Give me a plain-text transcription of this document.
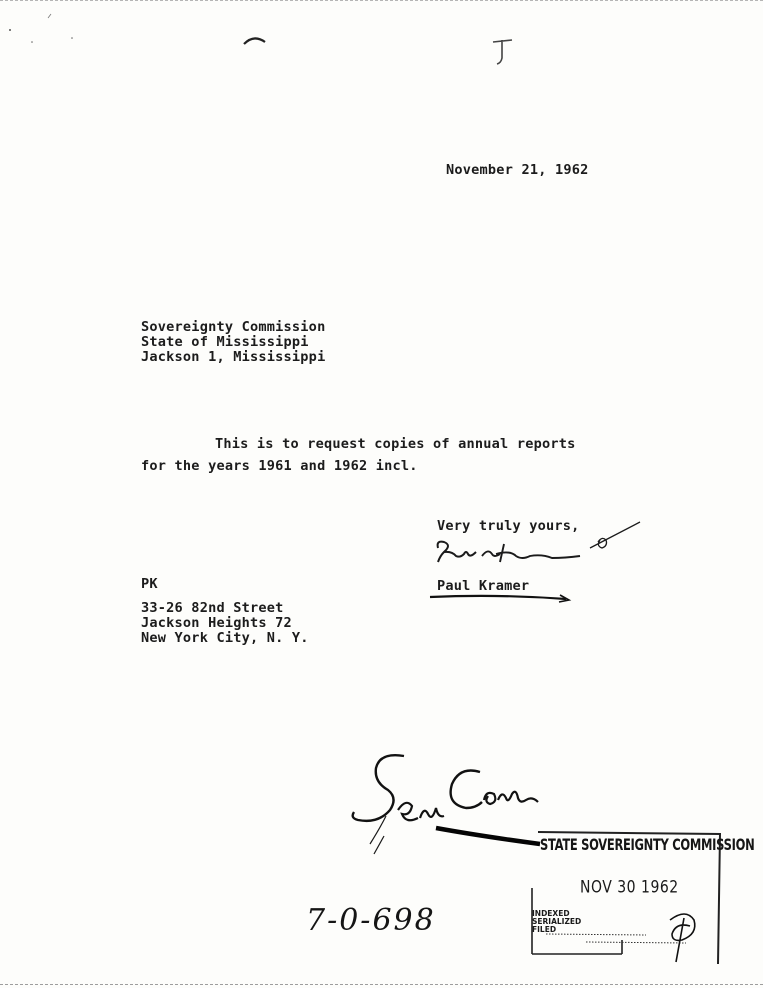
November 21, 1962
Sovereignty Commission
State of Mississippi
Jackson 1, Mississippi
This is to request copies of annual reports
for the years 1961 and 1962 incl.
Very truly yours,
Paul Kramer
PK
33-26 82nd Street
Jackson Heights 72
New York City, N. Y.
STATE SOVEREIGNTY COMMISSION
NOV 30 1962
INDEXED
SERIALIZED
FILED
7-0-698
